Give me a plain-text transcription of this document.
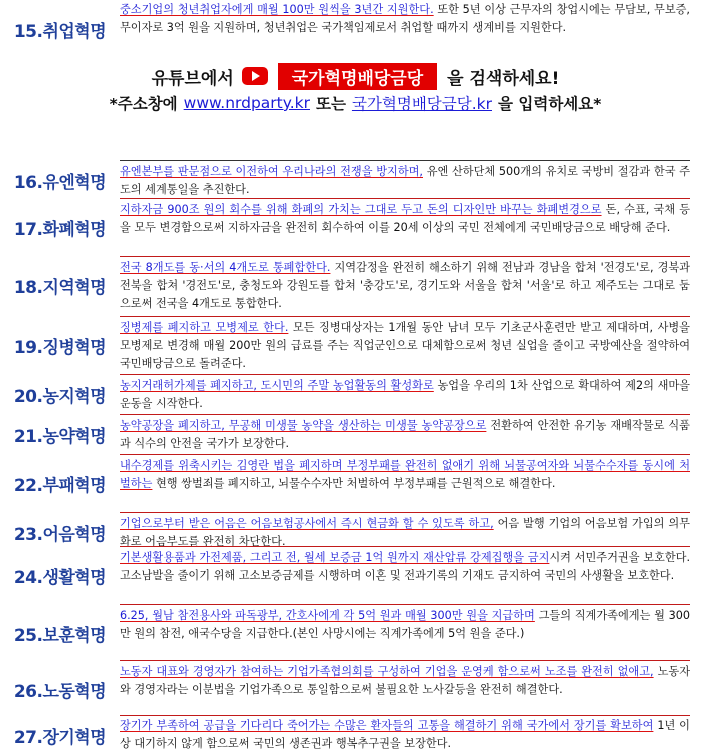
15.취업혁명
중소기업의 청년취업자에게 매월 100만 원씩을 3년간 지원한다. 또한 5년 이상 근무자의 창업시에는 무담보, 무보증, 무이자로 3억 원을 지원하며, 청년취업은 국가책임제로서 취업할 때까지 생계비를 지원한다.
유튜브에서	국가혁명배당금당	을 검색하세요!
*주소창에 www.nrdparty.kr 또는 국가혁명배당금당.kr 을 입력하세요*
16.유엔혁명
유엔본부를 판문점으로 이전하여 우리나라의 전쟁을 방지하며, 유엔 산하단체 500개의 유치로 국방비 절감과 한국 주도의 세계통일을 추진한다.
17.화폐혁명
지하자금 900조 원의 회수를 위해 화폐의 가치는 그대로 두고 돈의 디자인만 바꾸는 화폐변경으로 돈, 수표, 국채 등을 모두 변경함으로써 지하자금을 완전히 회수하여 이를 20세 이상의 국민 전체에게 국민배당금으로 배당해 준다.
18.지역혁명
전국 8개도를 동·서의 4개도로 통폐합한다. 지역감정을 완전히 해소하기 위해 전남과 경남을 합쳐 '전경도'로, 경북과 전북을 합쳐 '경전도'로, 충청도와 강원도를 합쳐 '충강도'로, 경기도와 서울을 합쳐 '서울'로 하고 제주도는 그대로 둠으로써 전국을 4개도로 통합한다.
19.징병혁명
징병제를 폐지하고 모병제로 한다. 모든 징병대상자는 1개월 동안 남녀 모두 기초군사훈련만 받고 제대하며, 사병을 모병제로 변경해 매월 200만 원의 급료를 주는 직업군인으로 대체함으로써 청년 실업을 줄이고 국방예산을 절약하여 국민배당금으로 돌려준다.
20.농지혁명
농지거래허가제를 폐지하고, 도시민의 주말 농업활동의 활성화로 농업을 우리의 1차 산업으로 확대하여 제2의 새마을운동을 시작한다.
21.농약혁명
농약공장을 폐지하고, 무공해 미생물 농약을 생산하는 미생물 농약공장으로 전환하여 안전한 유기농 재배작물로 식품과 식수의 안전을 국가가 보장한다.
22.부패혁명
내수경제를 위축시키는 김영란 법을 폐지하며 부정부패를 완전히 없애기 위해 뇌물공여자와 뇌물수수자를 동시에 처벌하는 현행 쌍벌죄를 폐지하고, 뇌물수수자만 처벌하여 부정부패를 근원적으로 해결한다.
23.어음혁명
기업으로부터 받은 어음은 어음보험공사에서 즉시 현금화 할 수 있도록 하고, 어음 발행 기업의 어음보험 가입의 의무화로 어음부도를 완전히 차단한다.
24.생활혁명
기본생활용품과 가전제품, 그리고 전, 월세 보증금 1억 원까지 재산압류 강제집행을 금지시켜 서민주거권을 보호한다. 고소남발을 줄이기 위해 고소보증금제를 시행하며 이혼 및 전과기록의 기재도 금지하여 국민의 사생활을 보호한다.
25.보훈혁명
6.25, 월남 참전용사와 파독광부, 간호사에게 각 5억 원과 매월 300만 원을 지급하며 그들의 직계가족에게는 월 300만 원의 참전, 애국수당을 지급한다.(본인 사망시에는 직계가족에게 5억 원을 준다.)
26.노동혁명
노동자 대표와 경영자가 참여하는 기업가족협의회를 구성하여 기업을 운영케 함으로써 노조를 완전히 없애고, 노동자와 경영자라는 이분법을 기업가족으로 통일함으로써 불필요한 노사갈등을 완전히 해결한다.
27.장기혁명
장기가 부족하여 공급을 기다리다 죽어가는 수많은 환자들의 고통을 해결하기 위해 국가에서 장기를 확보하여 1년 이상 대기하지 않게 함으로써 국민의 생존권과 행복추구권을 보장한다.
